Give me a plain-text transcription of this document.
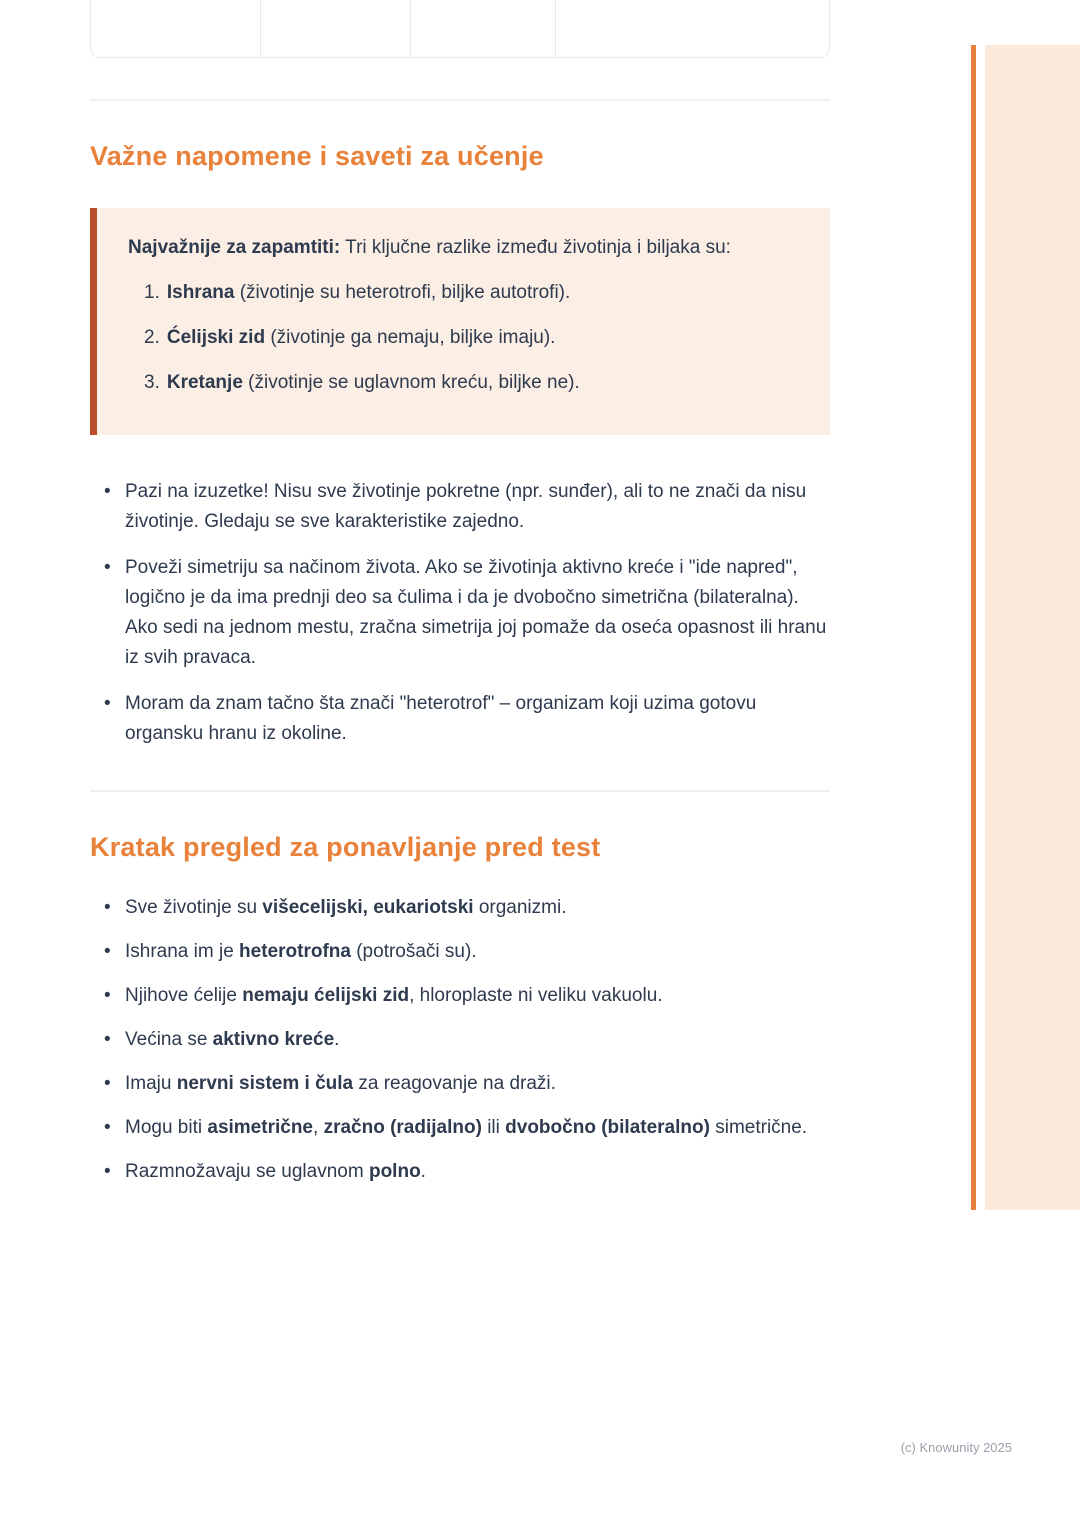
Važne napomene i saveti za učenje

Najvažnije za zapamtiti: Tri ključne razlike između životinja i biljaka su:

1. Ishrana (životinje su heterotrofi, biljke autotrofi).
2. Ćelijski zid (životinje ga nemaju, biljke imaju).
3. Kretanje (životinje se uglavnom kreću, biljke ne).
• Pazi na izuzetke! Nisu sve životinje pokretne (npr. sunđer), ali to ne znači da nisu životinje. Gledaju se sve karakteristike zajedno.
• Poveži simetriju sa načinom života. Ako se životinja aktivno kreće i "ide napred", logično je da ima prednji deo sa čulima i da je dvobočno simetrična (bilateralna). Ako sedi na jednom mestu, zračna simetrija joj pomaže da oseća opasnost ili hranu iz svih pravaca.
• Moram da znam tačno šta znači "heterotrof" – organizam koji uzima gotovu organsku hranu iz okoline.
Kratak pregled za ponavljanje pred test
• Sve životinje su višecelijski, eukariotski organizmi.
• Ishrana im je heterotrofna (potrošači su).
• Njihove ćelije nemaju ćelijski zid, hloroplaste ni veliku vakuolu.
• Većina se aktivno kreće.
• Imaju nervni sistem i čula za reagovanje na draži.
• Mogu biti asimetrične, zračno (radijalno) ili dvobočno (bilateralno) simetrične.
• Razmnožavaju se uglavnom polno.
(c) Knowunity 2025
